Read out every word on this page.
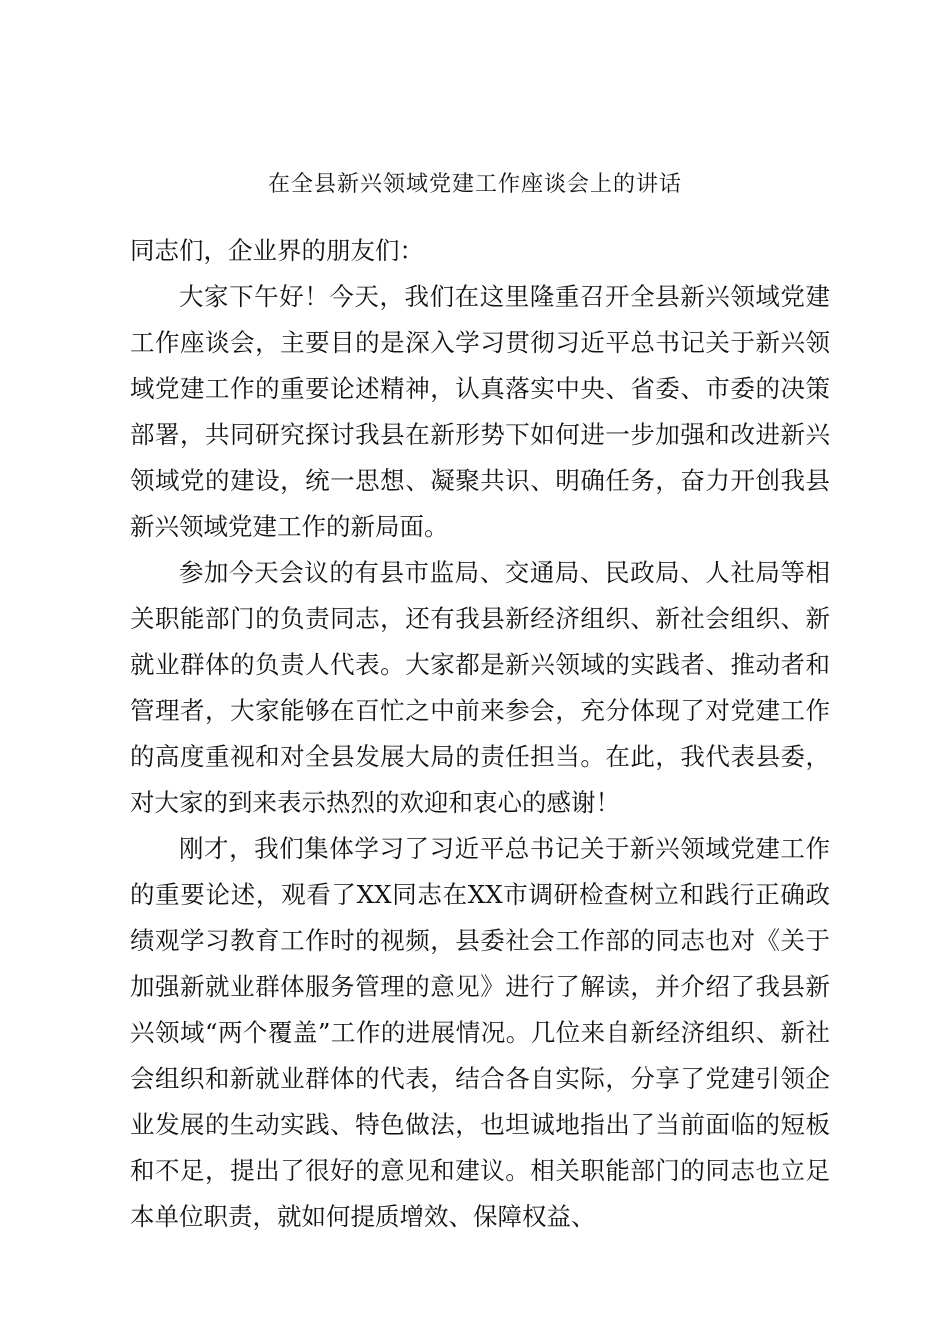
在全县新兴领域党建工作座谈会上的讲话

同志们，企业界的朋友们：

大家下午好！今天，我们在这里隆重召开全县新兴领域党建工作座谈会，主要目的是深入学习贯彻习近平总书记关于新兴领域党建工作的重要论述精神，认真落实中央、省委、市委的决策部署，共同研究探讨我县在新形势下如何进一步加强和改进新兴领域党的建设，统一思想、凝聚共识、明确任务，奋力开创我县新兴领域党建工作的新局面。

参加今天会议的有县市监局、交通局、民政局、人社局等相关职能部门的负责同志，还有我县新经济组织、新社会组织、新就业群体的负责人代表。大家都是新兴领域的实践者、推动者和管理者，大家能够在百忙之中前来参会，充分体现了对党建工作的高度重视和对全县发展大局的责任担当。在此，我代表县委，对大家的到来表示热烈的欢迎和衷心的感谢！

刚才，我们集体学习了习近平总书记关于新兴领域党建工作的重要论述，观看了XX同志在XX市调研检查树立和践行正确政绩观学习教育工作时的视频，县委社会工作部的同志也对《关于加强新就业群体服务管理的意见》进行了解读，并介绍了我县新兴领域“两个覆盖”工作的进展情况。几位来自新经济组织、新社会组织和新就业群体的代表，结合各自实际，分享了党建引领企业发展的生动实践、特色做法，也坦诚地指出了当前面临的短板和不足，提出了很好的意见和建议。相关职能部门的同志也立足本单位职责，就如何提质增效、保障权益、
